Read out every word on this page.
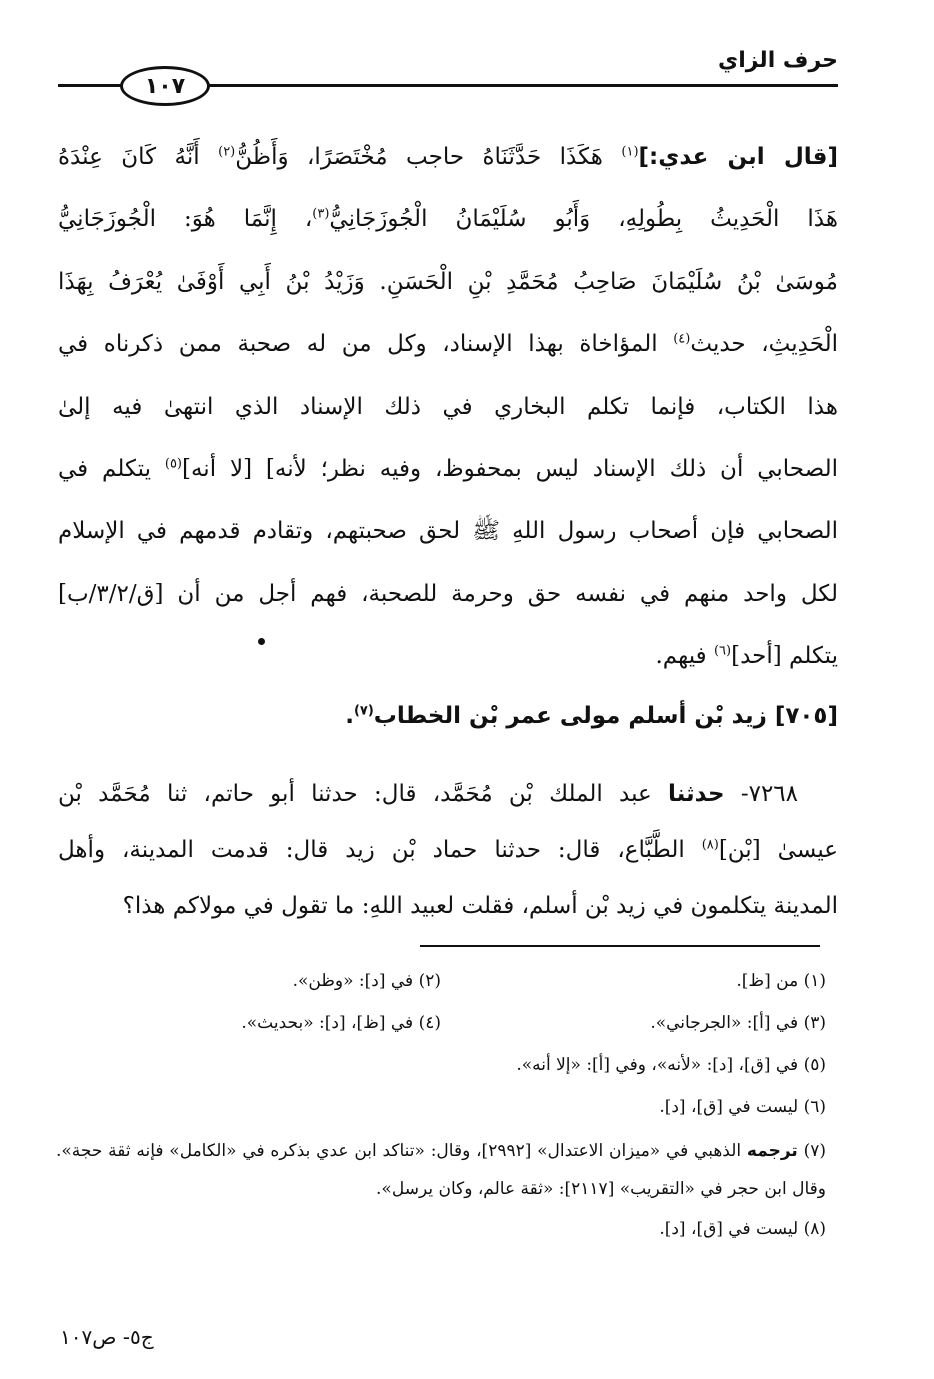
حرف الزاي
١٠٧
[قال ابن عدي:]$^{(١)}$ هَكَذَا حَدَّثَنَاهُ حاجب مُخْتَصَرًا، وَأَظُنُّ$^{(٢)}$ أَنَّهُ كَانَ عِنْدَهُ
هَذَا الْحَدِيثُ بِطُولِهِ، وَأَبُو سُلَيْمَانُ الْجُوزَجَانِيُّ$^{(٣)}$، إِنَّمَا هُوَ: الْجُوزَجَانِيُّ
مُوسَىٰ بْنُ سُلَيْمَانَ صَاحِبُ مُحَمَّدِ بْنِ الْحَسَنِ. وَزَيْدُ بْنُ أَبِي أَوْفَىٰ يُعْرَفُ بِهَذَا
الْحَدِيثِ، حديث$^{(٤)}$ المؤاخاة بهذا الإسناد، وكل من له صحبة ممن ذكرناه في
هذا الكتاب، فإنما تكلم البخاري في ذلك الإسناد الذي انتهىٰ فيه إلىٰ
الصحابي أن ذلك الإسناد ليس بمحفوظ، وفيه نظر؛ لأنه] [لا أنه]$^{(٥)}$ يتكلم في
الصحابي فإن أصحاب رسول اللهِ ﷺ لحق صحبتهم، وتقادم قدمهم في الإسلام
لكل واحد منهم في نفسه حق وحرمة للصحبة، فهم أجل من أن [ق/٣/٢/ب]
يتكلم [أحد]$^{(٦)}$ فيهم.
[٧٠٥] زيد بْن أسلم مولى عمر بْن الخطاب$^{(٧)}$.
٧٢٦٨- حدثنا عبد الملك بْن مُحَمَّد، قال: حدثنا أبو حاتم، ثنا مُحَمَّد بْن
عيسىٰ [بْن]$^{(٨)}$ الطَّبَّاع، قال: حدثنا حماد بْن زيد قال: قدمت المدينة، وأهل
المدينة يتكلمون في زيد بْن أسلم، فقلت لعبيد اللهِ: ما تقول في مولاكم هذا؟
(١) من [ظ].
(٢) في [د]: «وظن».
(٣) في [أ]: «الجرجاني».
(٤) في [ظ]، [د]: «بحديث».
(٥) في [ق]، [د]: «لأنه»، وفي [أ]: «إلا أنه».
(٦) ليست في [ق]، [د].
(٧) ترجمه الذهبي في «ميزان الاعتدال» [٢٩٩٢]، وقال: «تناكد ابن عدي بذكره في «الكامل» فإنه ثقة حجة». وقال ابن حجر في «التقريب» [٢١١٧]: «ثقة عالم، وكان يرسل».
(٨) ليست في [ق]، [د].
ج٥- ص١٠٧
